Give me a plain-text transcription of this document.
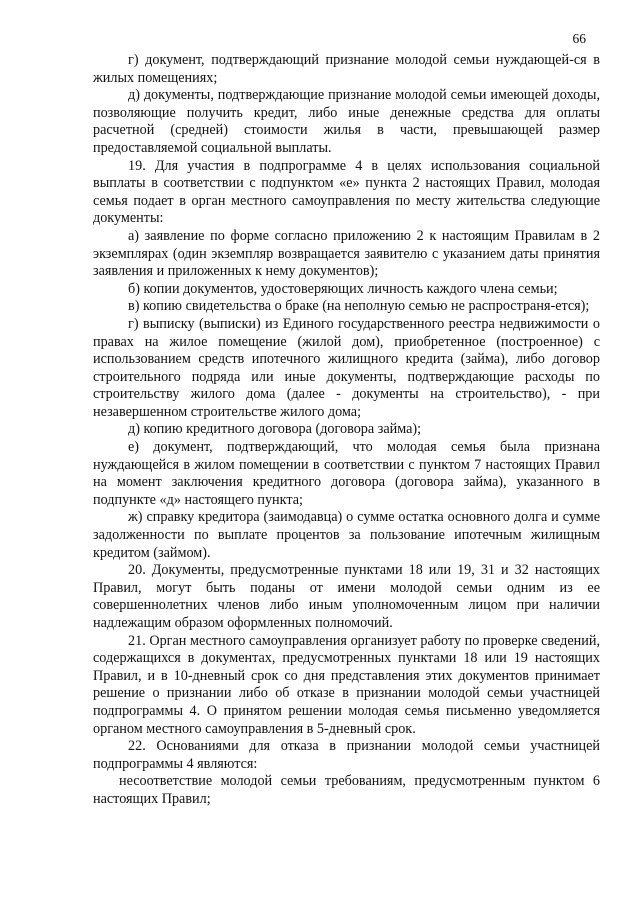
66

г) документ, подтверждающий признание молодой семьи нуждающей-ся в жилых помещениях;

д) документы, подтверждающие признание молодой семьи имеющей доходы, позволяющие получить кредит, либо иные денежные средства для оплаты расчетной (средней) стоимости жилья в части, превышающей размер предоставляемой социальной выплаты.

19. Для участия в подпрограмме 4 в целях использования социальной выплаты в соответствии с подпунктом «е» пункта 2 настоящих Правил, молодая семья подает в орган местного самоуправления по месту жительства следующие документы:

а) заявление по форме согласно приложению 2 к настоящим Правилам в 2 экземплярах (один экземпляр возвращается заявителю с указанием даты принятия заявления и приложенных к нему документов);

б) копии документов, удостоверяющих личность каждого члена семьи;

в) копию свидетельства о браке (на неполную семью не распространя-ется);

г) выписку (выписки) из Единого государственного реестра недвижимости о правах на жилое помещение (жилой дом), приобретенное (построенное) с использованием средств ипотечного жилищного кредита (займа), либо договор строительного подряда или иные документы, подтверждающие расходы по строительству жилого дома (далее - документы на строительство), - при незавершенном строительстве жилого дома;

д) копию кредитного договора (договора займа);

е) документ, подтверждающий, что молодая семья была признана нуждающейся в жилом помещении в соответствии с пунктом 7 настоящих Правил на момент заключения кредитного договора (договора займа), указанного в подпункте «д» настоящего пункта;

ж) справку кредитора (заимодавца) о сумме остатка основного долга и сумме задолженности по выплате процентов за пользование ипотечным жилищным кредитом (займом).

20. Документы, предусмотренные пунктами 18 или 19, 31 и 32 настоящих Правил, могут быть поданы от имени молодой семьи одним из ее совершеннолетних членов либо иным уполномоченным лицом при наличии надлежащим образом оформленных полномочий.

21. Орган местного самоуправления организует работу по проверке сведений, содержащихся в документах, предусмотренных пунктами 18 или 19 настоящих Правил, и в 10-дневный срок со дня представления этих документов принимает решение о признании либо об отказе в признании молодой семьи участницей подпрограммы 4. О принятом решении молодая семья письменно уведомляется органом местного самоуправления в 5-дневный срок.

22. Основаниями для отказа в признании молодой семьи участницей подпрограммы 4 являются:

несоответствие молодой семьи требованиям, предусмотренным пунктом 6 настоящих Правил;
